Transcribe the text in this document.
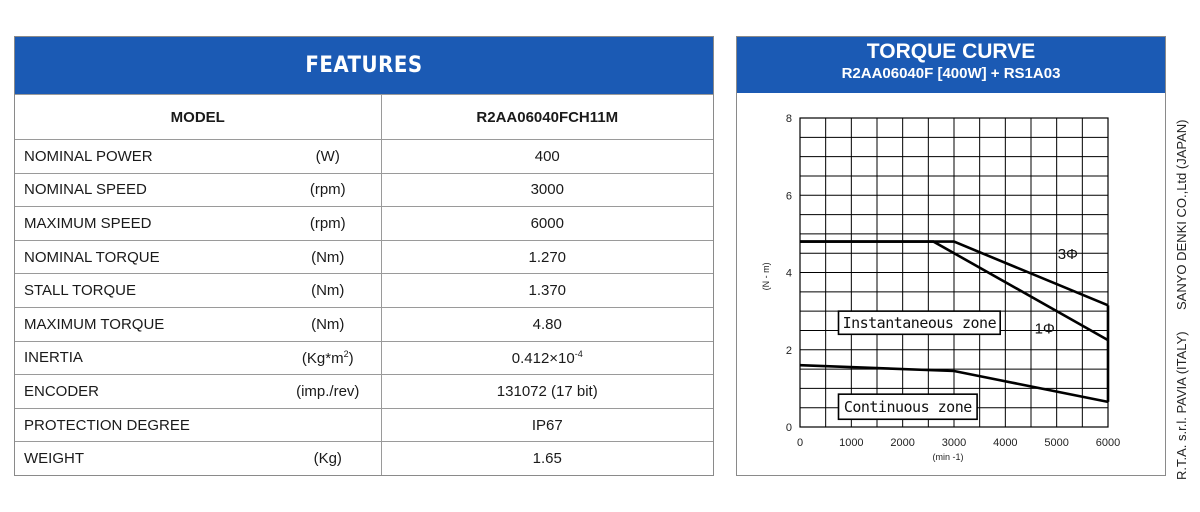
FEATURES
MODEL		R2AA06040FCH11M
NOMINAL POWER	(W)	400
NOMINAL SPEED	(rpm)	3000
MAXIMUM SPEED	(rpm)	6000
NOMINAL TORQUE	(Nm)	1.270
STALL TORQUE	(Nm)	1.370
MAXIMUM TORQUE	(Nm)	4.80
INERTIA	$(Kg*m^2)$	$0.412\times 10^{-4}$
ENCODER	(imp./rev)	131072 (17 bit)
PROTECTION DEGREE		IP67
WEIGHT	(Kg)	1.65
TORQUE CURVE
R2AA06040F [400W] + RS1A03
0
2
4
6
8
0	1000 2000 3000 4000 5000 6000
(min -1)
(N - m)
3Φ
1Φ
Instantaneous zone
Continuous zone	R.T.A. s.r.l. PAVIA (ITALY)SANYO DENKI CO.,Ltd (JAPAN)
